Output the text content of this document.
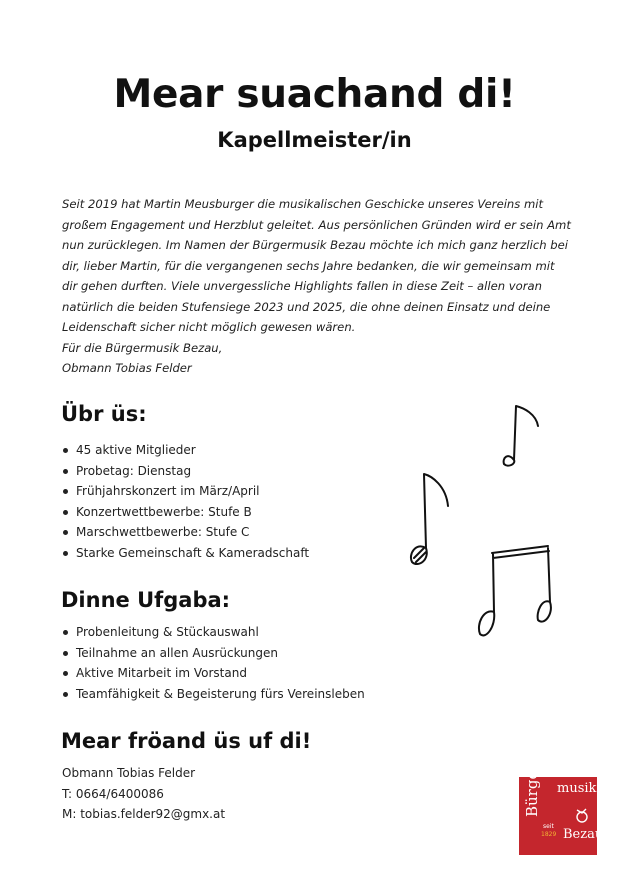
Mear suachand di!
Kapellmeister/in

Seit 2019 hat Martin Meusburger die musikalischen Geschicke unseres Vereins mit großem Engagement und Herzblut geleitet. Aus persönlichen Gründen wird er sein Amt nun zurücklegen. Im Namen der Bürgermusik Bezau möchte ich mich ganz herzlich bei dir, lieber Martin, für die vergangenen sechs Jahre bedanken, die wir gemeinsam mit dir gehen durften. Viele unvergessliche Highlights fallen in diese Zeit – allen voran natürlich die beiden Stufensiege 2023 und 2025, die ohne deinen Einsatz und deine Leidenschaft sicher nicht möglich gewesen wären.

Für die Bürgermusik Bezau,

Obmann Tobias Felder

Übr üs:
45 aktive Mitglieder
Probetag: Dienstag
Frühjahrskonzert im März/April
Konzertwettbewerbe: Stufe B
Marschwettbewerbe: Stufe C
Starke Gemeinschaft & Kameradschaft
Dinne Ufgaba:
Probenleitung & Stückauswahl
Teilnahme an allen Ausrückungen
Aktive Mitarbeit im Vorstand
Teamfähigkeit & Begeisterung fürs Vereinsleben
Mear fröand üs uf di!
Obmann Tobias Felder
T: 0664/6400086
M: tobias.felder92@gmx.at	Bürger musik
seit
1829 Bezau
